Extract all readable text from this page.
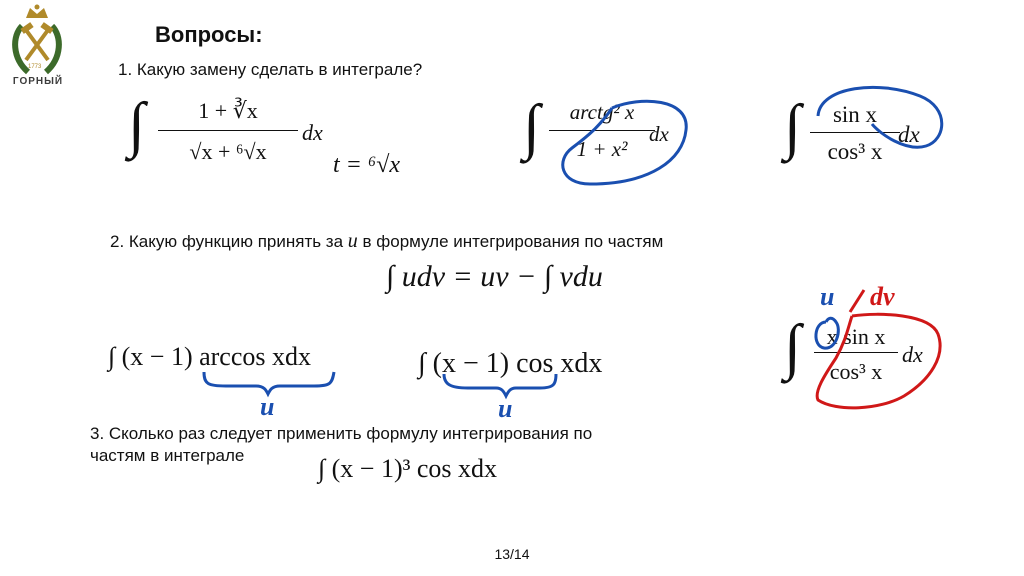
1773
ГОРНЫЙ
Вопросы:
1. Какую замену сделать в интеграле?
∫	1 + ∛x
√x + ⁶√x
dx
t = ⁶√x
∫	arctg² x
1 + x²
dx ∫	sin x
cos³ x
dx
2. Какую функцию принять за u в формуле интегрирования по частям
∫ udv = uv − ∫ vdu
∫ (x − 1) arccos xdx	∫ (x − 1) cos xdx	∫	x sin x
cos³ x
dx
u	u
u dv
3. Сколько раз следует применить формулу интегрирования по
частям в интеграле	∫ (x − 1)³ cos xdx
13/14
